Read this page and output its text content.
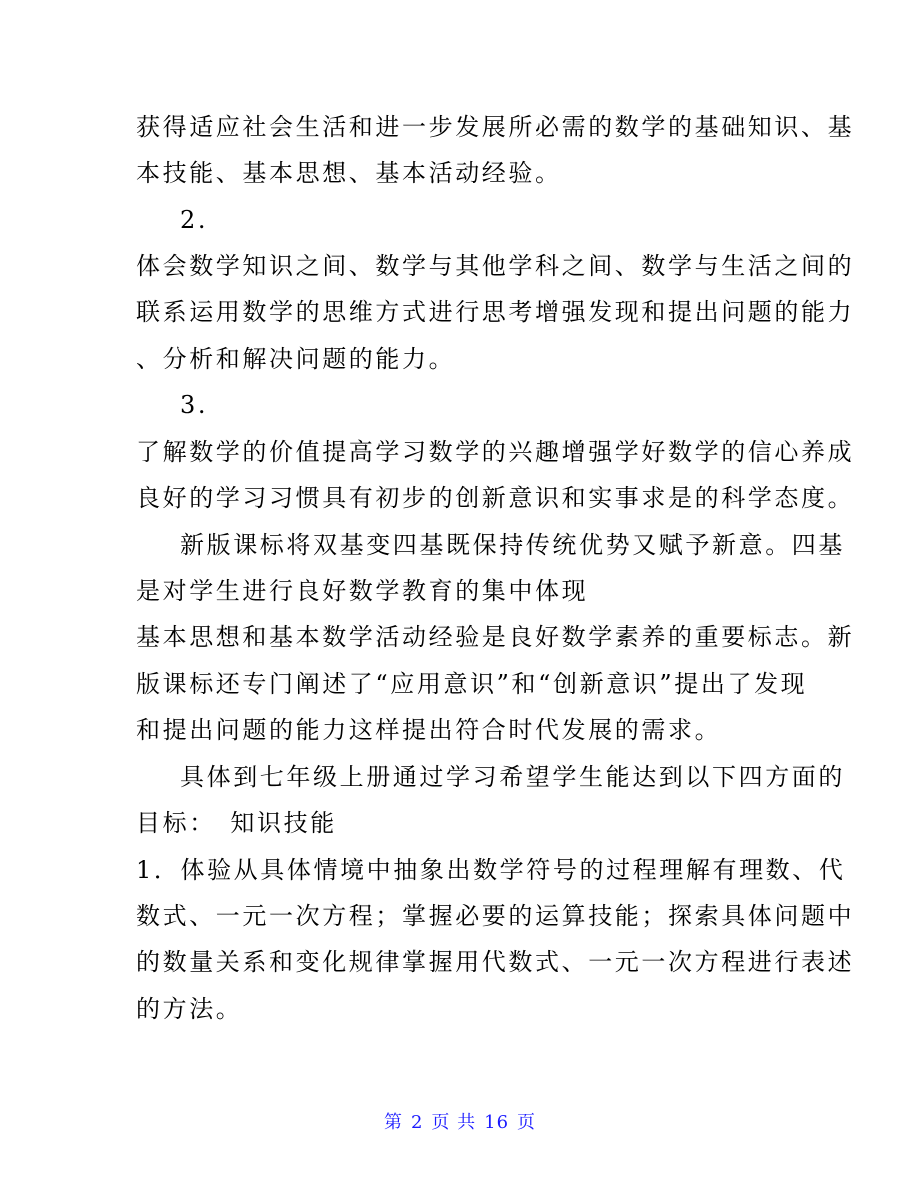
获得适应社会生活和进一步发展所必需的数学的基础知识、基
本技能、基本思想、基本活动经验。
2.
体会数学知识之间、数学与其他学科之间、数学与生活之间的
联系运用数学的思维方式进行思考增强发现和提出问题的能力
、分析和解决问题的能力。
3.
了解数学的价值提高学习数学的兴趣增强学好数学的信心养成
良好的学习习惯具有初步的创新意识和实事求是的科学态度。
新版课标将双基变四基既保持传统优势又赋予新意。四基
是对学生进行良好数学教育的集中体现
基本思想和基本数学活动经验是良好数学素养的重要标志。新
版课标还专门阐述了“应用意识”和“创新意识”提出了发现
和提出问题的能力这样提出符合时代发展的需求。
具体到七年级上册通过学习希望学生能达到以下四方面的
目标：　知识技能
1．体验从具体情境中抽象出数学符号的过程理解有理数、代
数式、一元一次方程；掌握必要的运算技能；探索具体问题中
的数量关系和变化规律掌握用代数式、一元一次方程进行表述
的方法。
第 2 页 共 16 页
